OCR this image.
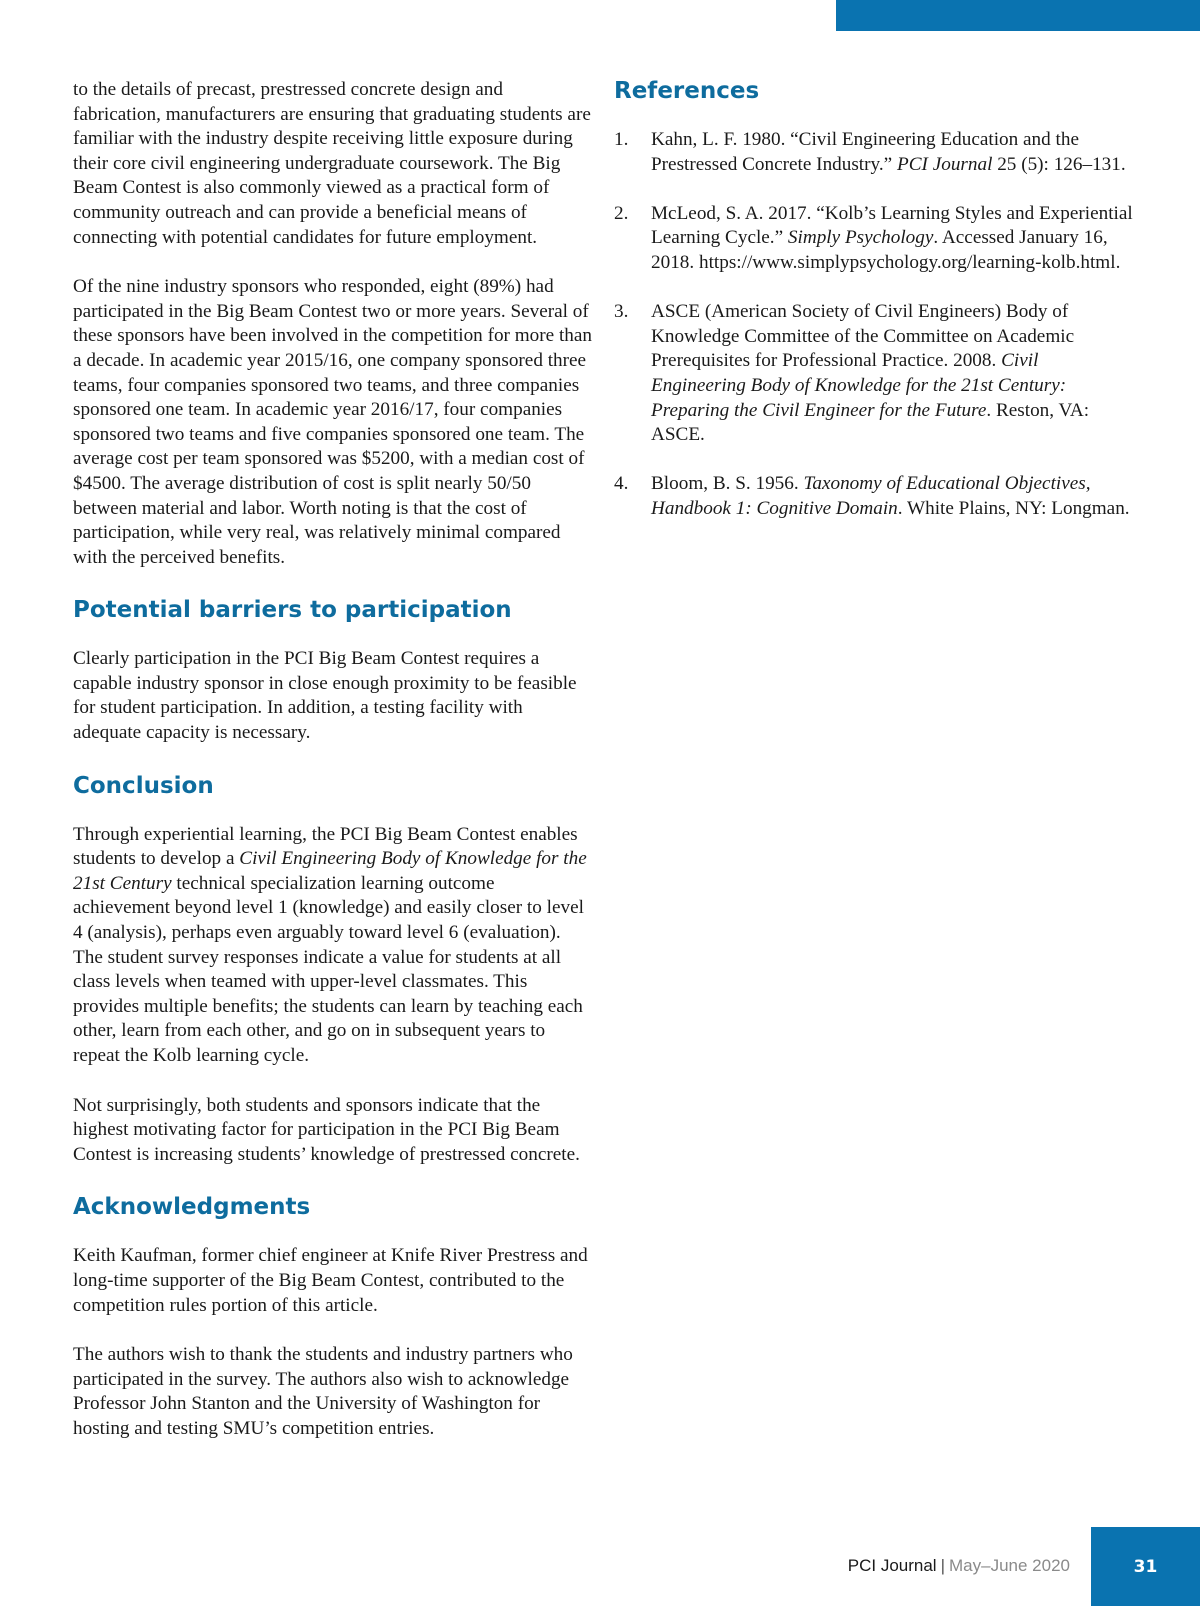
to the details of precast, prestressed concrete design and fabrication, manufacturers are ensuring that graduating students are familiar with the industry despite receiving little exposure during their core civil engineering undergraduate coursework. The Big Beam Contest is also commonly viewed as a practical form of community outreach and can provide a beneficial means of connecting with potential candidates for future employment.

Of the nine industry sponsors who responded, eight (89%) had participated in the Big Beam Contest two or more years. Several of these sponsors have been involved in the competition for more than a decade. In academic year 2015/16, one company sponsored three teams, four companies sponsored two teams, and three companies sponsored one team. In academic year 2016/17, four companies sponsored two teams and five companies sponsored one team. The average cost per team sponsored was $5200, with a median cost of $4500. The average distribution of cost is split nearly 50/50 between material and labor. Worth noting is that the cost of participation, while very real, was relatively minimal compared with the perceived benefits.

Potential barriers to participation

Clearly participation in the PCI Big Beam Contest requires a capable industry sponsor in close enough proximity to be feasible for student participation. In addition, a testing facility with adequate capacity is necessary.

Conclusion

Through experiential learning, the PCI Big Beam Contest enables students to develop a Civil Engineering Body of Knowledge for the 21st Century technical specialization learning outcome achievement beyond level 1 (knowledge) and easily closer to level 4 (analysis), perhaps even arguably toward level 6 (evaluation). The student survey responses indicate a value for students at all class levels when teamed with upper-level classmates. This provides multiple benefits; the students can learn by teaching each other, learn from each other, and go on in subsequent years to repeat the Kolb learning cycle.

Not surprisingly, both students and sponsors indicate that the highest motivating factor for participation in the PCI Big Beam Contest is increasing students’ knowledge of prestressed concrete.

Acknowledgments

Keith Kaufman, former chief engineer at Knife River Prestress and long-time supporter of the Big Beam Contest, contributed to the competition rules portion of this article.

The authors wish to thank the students and industry partners who participated in the survey. The authors also wish to acknowledge Professor John Stanton and the University of Washington for hosting and testing SMU’s competition entries.

References
1. Kahn, L. F. 1980. “Civil Engineering Education and the Prestressed Concrete Industry.” PCI Journal 25 (5): 126–131.
2. McLeod, S. A. 2017. “Kolb’s Learning Styles and Experiential Learning Cycle.” Simply Psychology. Accessed January 16, 2018. https://www.simplypsychology.org/learning-kolb.html.
3. ASCE (American Society of Civil Engineers) Body of Knowledge Committee of the Committee on Academic Prerequisites for Professional Practice. 2008. Civil Engineering Body of Knowledge for the 21st Century: Preparing the Civil Engineer for the Future. Reston, VA: ASCE.
4. Bloom, B. S. 1956. Taxonomy of Educational Objectives, Handbook 1: Cognitive Domain. White Plains, NY: Longman.
PCI Journal | May–June 2020	31
